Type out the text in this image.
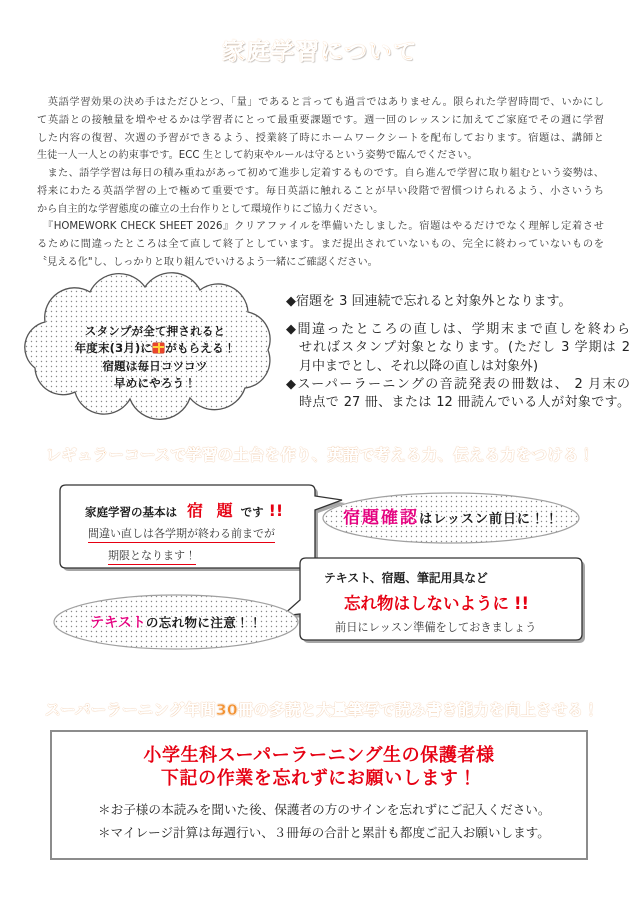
家庭学習について
　英語学習効果の決め手はただひとつ、「量」であると言っても過言ではありません。限られた学習時間で、いかにし
て英語との接触量を増やせるかは学習者にとって最重要課題です。週一回のレッスンに加えてご家庭でその週に学習
した内容の復習、次週の予習ができるよう、授業終了時にホームワークシートを配布しております。宿題は、講師と
生徒一人一人との約束事です。ECC 生として約束やルールは守るという姿勢で臨んでください。
　また、語学学習は毎日の積み重ねがあって初めて進歩し定着するものです。自ら進んで学習に取り組むという姿勢は、
将来にわたる英語学習の上で極めて重要です。毎日英語に触れることが早い段階で習慣つけられるよう、小さいうち
から自主的な学習態度の確立の土台作りとして環境作りにご協力ください。
　『HOMEWORK CHECK SHEET 2026』クリアファイルを準備いたしました。宿題はやるだけでなく理解し定着させ
るために間違ったところは全て直して終了としています。まだ提出されていないもの、完全に終わっていないものを
〝見える化"し、しっかりと取り組んでいけるよう一緒にご確認ください。
スタンプが全て押されると
年度末(3月)に がもらえる！
宿題は毎日コツコツ
早めにやろう！
◆宿題を 3 回連続で忘れると対象外となります。
◆間違ったところの直しは、学期末まで直しを終わら
せればスタンプ対象となります。(ただし 3 学期は 2
月中までとし、それ以降の直しは対象外)
◆スーパーラーニングの音読発表の冊数は、 2 月末の
時点で 27 冊、または 12 冊読んでいる人が対象です。
レギュラーコースで学習の土台を作り、英語で考える力、伝える力をつける！
家庭学習の基本は 宿 題 です !!
間違い直しは各学期が終わる前までが
期限となります！
宿題確認はレッスン前日に！！
テキスト、宿題、筆記用具など
忘れ物はしないように !!
前日にレッスン準備をしておきましょう
テキストの忘れ物に注意！！
スーパーラーニング年間30冊の多読と大量筆写で読み書き能力を向上させる！
小学生科スーパーラーニング生の保護者様
下記の作業を忘れずにお願いします！
＊お子様の本読みを聞いた後、保護者の方のサインを忘れずにご記入ください。
＊マイレージ計算は毎週行い、３冊毎の合計と累計も都度ご記入お願いします。
